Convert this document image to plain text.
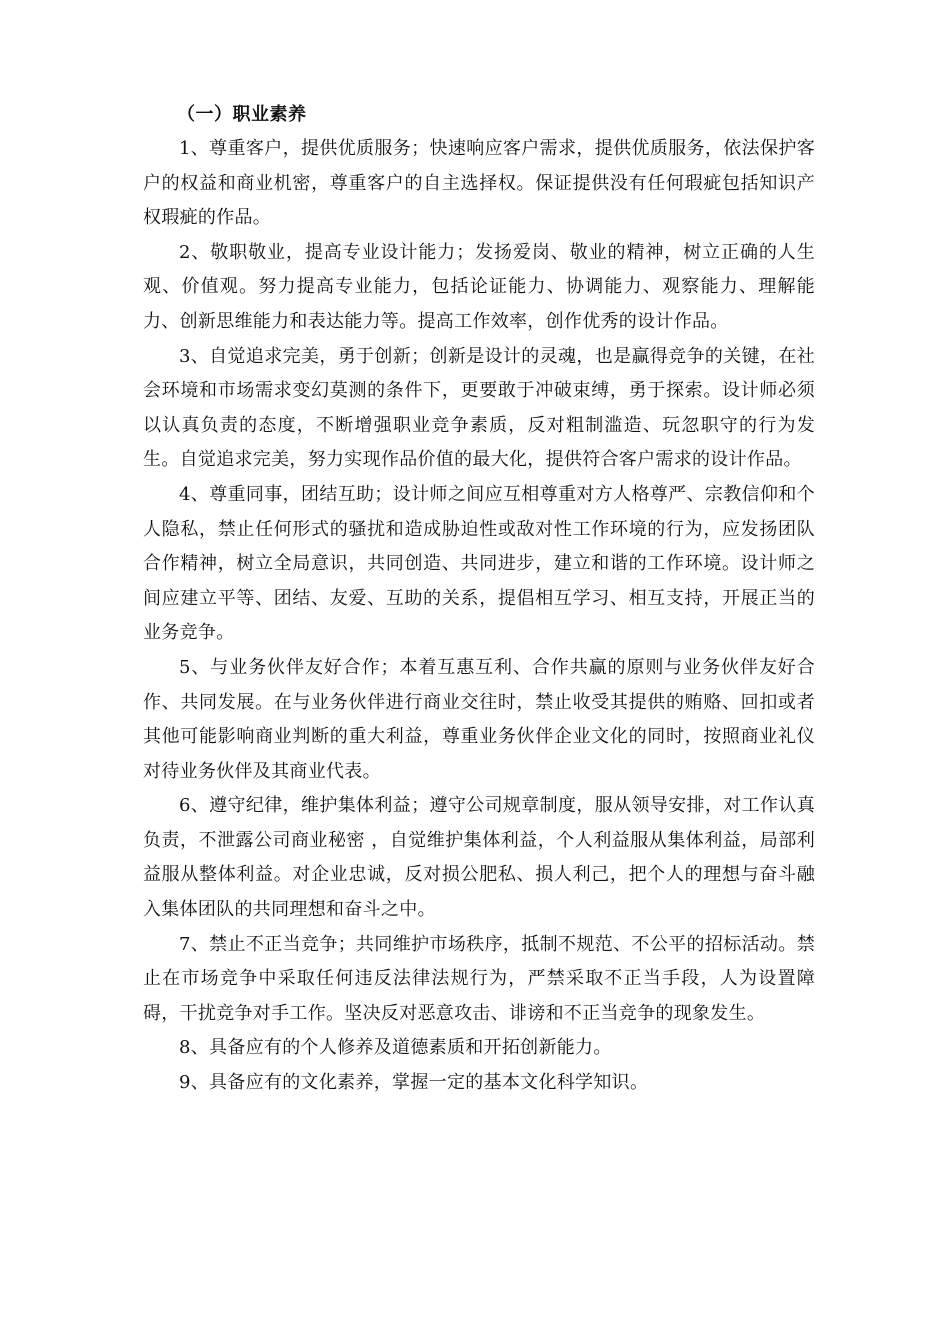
（一）职业素养

1、尊重客户，提供优质服务；快速响应客户需求，提供优质服务，依法保护客户的权益和商业机密，尊重客户的自主选择权。保证提供没有任何瑕疵包括知识产权瑕疵的作品。

2、敬职敬业，提高专业设计能力；发扬爱岗、敬业的精神，树立正确的人生观、价值观。努力提高专业能力，包括论证能力、协调能力、观察能力、理解能力、创新思维能力和表达能力等。提高工作效率，创作优秀的设计作品。

3、自觉追求完美，勇于创新；创新是设计的灵魂，也是赢得竞争的关键，在社会环境和市场需求变幻莫测的条件下，更要敢于冲破束缚，勇于探索。设计师必须以认真负责的态度，不断增强职业竞争素质，反对粗制滥造、玩忽职守的行为发生。自觉追求完美，努力实现作品价值的最大化，提供符合客户需求的设计作品。

4、尊重同事，团结互助；设计师之间应互相尊重对方人格尊严、宗教信仰和个人隐私，禁止任何形式的骚扰和造成胁迫性或敌对性工作环境的行为，应发扬团队合作精神，树立全局意识，共同创造、共同进步，建立和谐的工作环境。设计师之间应建立平等、团结、友爱、互助的关系，提倡相互学习、相互支持，开展正当的业务竞争。

5、与业务伙伴友好合作；本着互惠互利、合作共赢的原则与业务伙伴友好合作、共同发展。在与业务伙伴进行商业交往时，禁止收受其提供的贿赂、回扣或者其他可能影响商业判断的重大利益，尊重业务伙伴企业文化的同时，按照商业礼仪对待业务伙伴及其商业代表。

6、遵守纪律，维护集体利益；遵守公司规章制度，服从领导安排，对工作认真负责，不泄露公司商业秘密 ，自觉维护集体利益，个人利益服从集体利益，局部利益服从整体利益。对企业忠诚，反对损公肥私、损人利己，把个人的理想与奋斗融入集体团队的共同理想和奋斗之中。

7、禁止不正当竞争；共同维护市场秩序，抵制不规范、不公平的招标活动。禁止在市场竞争中采取任何违反法律法规行为，严禁采取不正当手段，人为设置障碍，干扰竞争对手工作。坚决反对恶意攻击、诽谤和不正当竞争的现象发生。

8、具备应有的个人修养及道德素质和开拓创新能力。

9、具备应有的文化素养，掌握一定的基本文化科学知识。
